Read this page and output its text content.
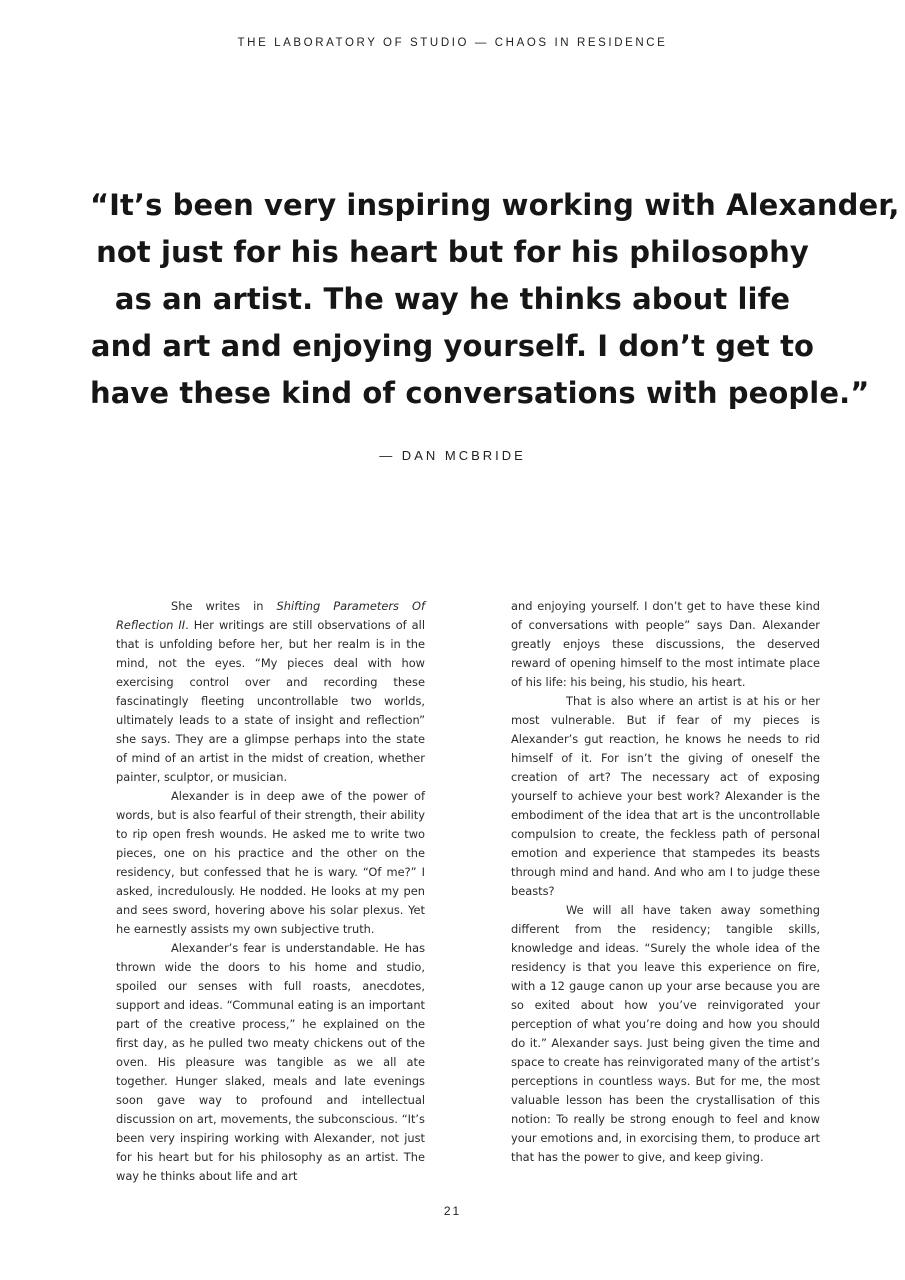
THE LABORATORY OF STUDIO — CHAOS IN RESIDENCE
“It’s been very inspiring working with Alexander,
not just for his heart but for his philosophy
as an artist. The way he thinks about life
and art and enjoying yourself. I don’t get to
have these kind of conversations with people.”
— DAN MCBRIDE

She writes in Shifting Parameters Of Reflection II. Her writings are still observations of all that is unfolding before her, but her realm is in the mind, not the eyes. “My pieces deal with how exercising control over and recording these fascinatingly fleeting uncontrollable two worlds, ultimately leads to a state of insight and reflection” she says. They are a glimpse perhaps into the state of mind of an artist in the midst of creation, whether painter, sculptor, or musician.

Alexander is in deep awe of the power of words, but is also fearful of their strength, their ability to rip open fresh wounds. He asked me to write two pieces, one on his practice and the other on the residency, but confessed that he is wary. “Of me?” I asked, incredulously. He nodded. He looks at my pen and sees sword, hovering above his solar plexus. Yet he earnestly assists my own subjective truth.

Alexander’s fear is understandable. He has thrown wide the doors to his home and studio, spoiled our senses with full roasts, anecdotes, support and ideas. “Communal eating is an important part of the creative process,” he explained on the first day, as he pulled two meaty chickens out of the oven. His pleasure was tangible as we all ate together. Hunger slaked, meals and late evenings soon gave way to profound and intellectual discussion on art, movements, the subconscious. “It’s been very inspiring working with Alexander, not just for his heart but for his philosophy as an artist. The way he thinks about life and art

and enjoying yourself. I don’t get to have these kind of conversations with people” says Dan. Alexander greatly enjoys these discussions, the deserved reward of opening himself to the most intimate place of his life: his being, his studio, his heart.

That is also where an artist is at his or her most vulnerable. But if fear of my pieces is Alexander’s gut reaction, he knows he needs to rid himself of it. For isn’t the giving of oneself the creation of art? The necessary act of exposing yourself to achieve your best work? Alexander is the embodiment of the idea that art is the uncontrollable compulsion to create, the feckless path of personal emotion and experience that stampedes its beasts through mind and hand. And who am I to judge these beasts?

We will all have taken away something different from the residency; tangible skills, knowledge and ideas. “Surely the whole idea of the residency is that you leave this experience on fire, with a 12 gauge canon up your arse because you are so exited about how you’ve reinvigorated your perception of what you’re doing and how you should do it.” Alexander says. Just being given the time and space to create has reinvigorated many of the artist’s perceptions in countless ways. But for me, the most valuable lesson has been the crystallisation of this notion: To really be strong enough to feel and know your emotions and, in exorcising them, to produce art that has the power to give, and keep giving.

21
